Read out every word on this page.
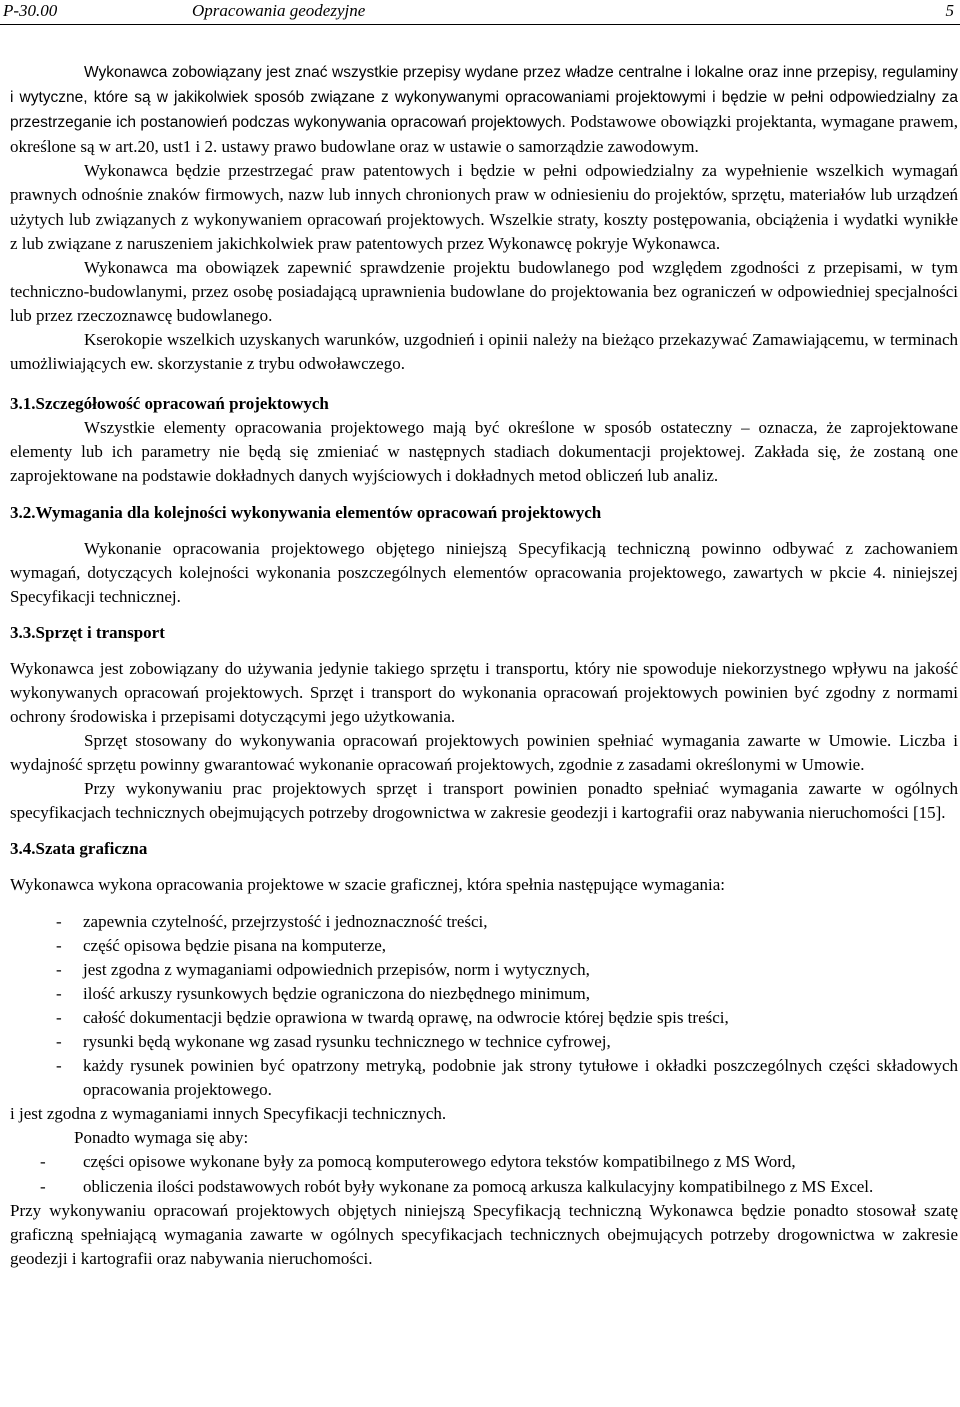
P-30.00	Opracowania geodezyjne	5

Wykonawca zobowiązany jest znać wszystkie przepisy wydane przez władze centralne i lokalne oraz inne przepisy, regulaminy i wytyczne, które są w jakikolwiek sposób związane z wykonywanymi opracowaniami projektowymi i będzie w pełni odpowiedzialny za przestrzeganie ich postanowień podczas wykonywania opracowań projektowych. Podstawowe obowiązki projektanta, wymagane prawem, określone są w art.20, ust1 i 2. ustawy prawo budowlane oraz w ustawie o samorządzie zawodowym.

Wykonawca będzie przestrzegać praw patentowych i będzie w pełni odpowiedzialny za wypełnienie wszelkich wymagań prawnych odnośnie znaków firmowych, nazw lub innych chronionych praw w odniesieniu do projektów, sprzętu, materiałów lub urządzeń użytych lub związanych z wykonywaniem opracowań projektowych. Wszelkie straty, koszty postępowania, obciążenia i wydatki wynikłe z lub związane z naruszeniem jakichkolwiek praw patentowych przez Wykonawcę pokryje Wykonawca.

Wykonawca ma obowiązek zapewnić sprawdzenie projektu budowlanego pod względem zgodności z przepisami, w tym techniczno-budowlanymi, przez osobę posiadającą uprawnienia budowlane do projektowania bez ograniczeń w odpowiedniej specjalności lub przez rzeczoznawcę budowlanego.

Kserokopie wszelkich uzyskanych warunków, uzgodnień i opinii należy na bieżąco przekazywać Zamawiającemu, w terminach umożliwiających ew. skorzystanie z trybu odwoławczego.

3.1.Szczegółowość opracowań projektowych

Wszystkie elementy opracowania projektowego mają być określone w sposób ostateczny – oznacza, że zaprojektowane elementy lub ich parametry nie będą się zmieniać w następnych stadiach dokumentacji projektowej. Zakłada się, że zostaną one zaprojektowane na podstawie dokładnych danych wyjściowych i dokładnych metod obliczeń lub analiz.

3.2.Wymagania dla kolejności wykonywania elementów opracowań projektowych

Wykonanie opracowania projektowego objętego niniejszą Specyfikacją techniczną powinno odbywać z zachowaniem wymagań, dotyczących kolejności wykonania poszczególnych elementów opracowania projektowego, zawartych w pkcie 4. niniejszej Specyfikacji technicznej.

3.3.Sprzęt i transport

Wykonawca jest zobowiązany do używania jedynie takiego sprzętu i transportu, który nie spowoduje niekorzystnego wpływu na jakość wykonywanych opracowań projektowych. Sprzęt i transport do wykonania opracowań projektowych powinien być zgodny z normami ochrony środowiska i przepisami dotyczącymi jego użytkowania.

Sprzęt stosowany do wykonywania opracowań projektowych powinien spełniać wymagania zawarte w Umowie. Liczba i wydajność sprzętu powinny gwarantować wykonanie opracowań projektowych, zgodnie z zasadami określonymi w Umowie.

Przy wykonywaniu prac projektowych sprzęt i transport powinien ponadto spełniać wymagania zawarte w ogólnych specyfikacjach technicznych obejmujących potrzeby drogownictwa w zakresie geodezji i kartografii oraz nabywania nieruchomości [15].

3.4.Szata graficzna

Wykonawca wykona opracowania projektowe w szacie graficznej, która spełnia następujące wymagania:

- zapewnia czytelność, przejrzystość i jednoznaczność treści,
- część opisowa będzie pisana na komputerze,
- jest zgodna z wymaganiami odpowiednich przepisów, norm i wytycznych,
- ilość arkuszy rysunkowych będzie ograniczona do niezbędnego minimum,
- całość dokumentacji będzie oprawiona w twardą oprawę, na odwrocie której będzie spis treści,
- rysunki będą wykonane wg zasad rysunku technicznego w technice cyfrowej,
- każdy rysunek powinien być opatrzony metryką, podobnie jak strony tytułowe i okładki poszczególnych części składowych opracowania projektowego.

i jest zgodna z wymaganiami innych Specyfikacji technicznych.

Ponadto wymaga się aby:

- części opisowe wykonane były za pomocą komputerowego edytora tekstów kompatibilnego z MS Word,
- obliczenia ilości podstawowych robót były wykonane za pomocą arkusza kalkulacyjny kompatibilnego z MS Excel.

Przy wykonywaniu opracowań projektowych objętych niniejszą Specyfikacją techniczną Wykonawca będzie ponadto stosował szatę graficzną spełniającą wymagania zawarte w ogólnych specyfikacjach technicznych obejmujących potrzeby drogownictwa w zakresie geodezji i kartografii oraz nabywania nieruchomości.
